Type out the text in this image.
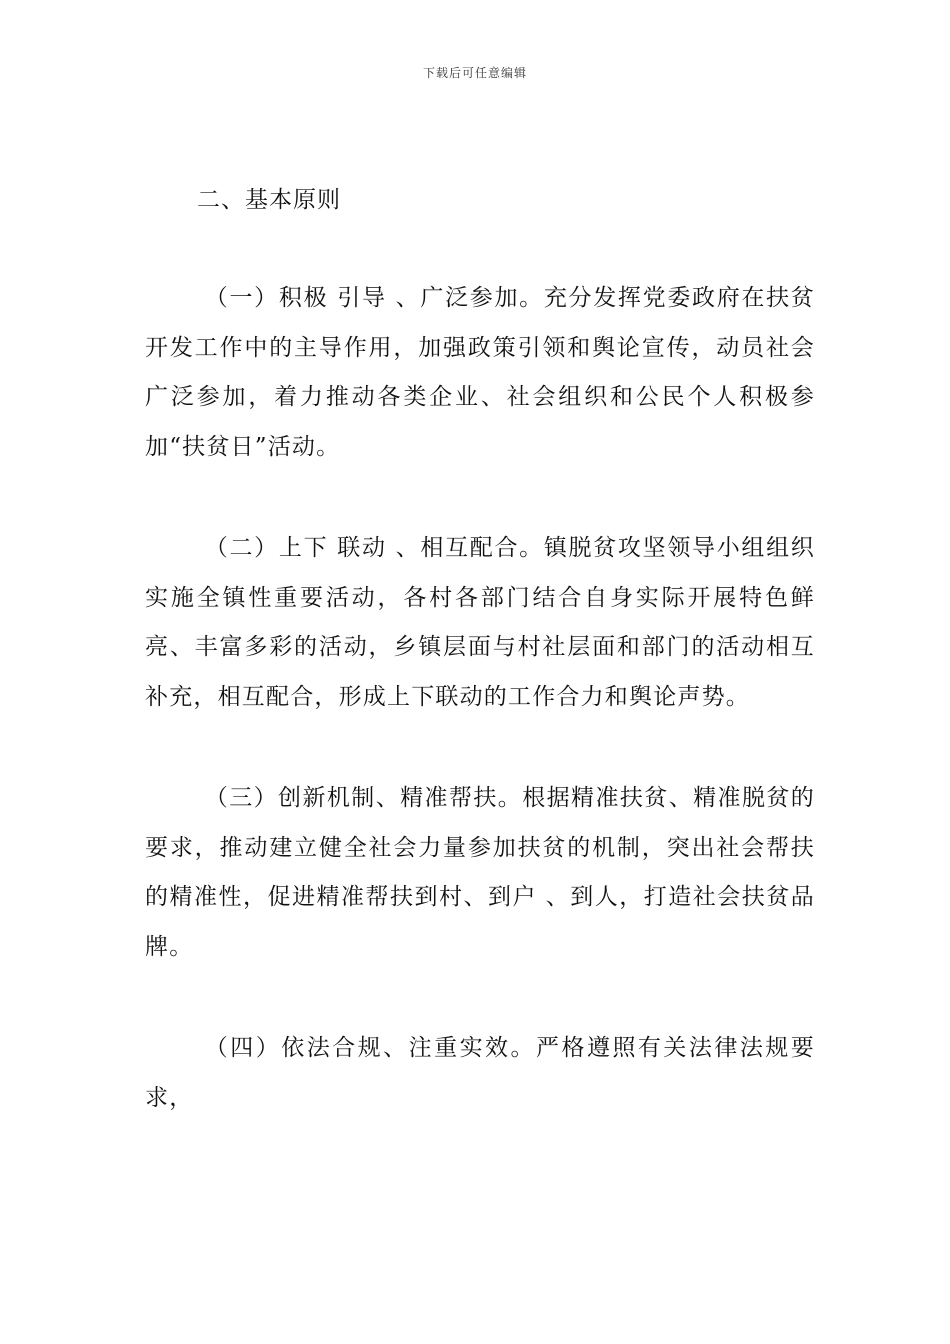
下载后可任意编辑
二、基本原则

（一）积极 引导 、广泛参加。充分发挥党委政府在扶贫开发工作中的主导作用，加强政策引领和舆论宣传，动员社会广泛参加，着力推动各类企业、社会组织和公民个人积极参加“扶贫日”活动。

（二）上下 联动 、相互配合。镇脱贫攻坚领导小组组织实施全镇性重要活动，各村各部门结合自身实际开展特色鲜亮、丰富多彩的活动，乡镇层面与村社层面和部门的活动相互补充，相互配合，形成上下联动的工作合力和舆论声势。

（三）创新机制、精准帮扶。根据精准扶贫、精准脱贫的要求，推动建立健全社会力量参加扶贫的机制，突出社会帮扶的精准性，促进精准帮扶到村、到户 、到人，打造社会扶贫品牌。

（四）依法合规、注重实效。严格遵照有关法律法规要求，
